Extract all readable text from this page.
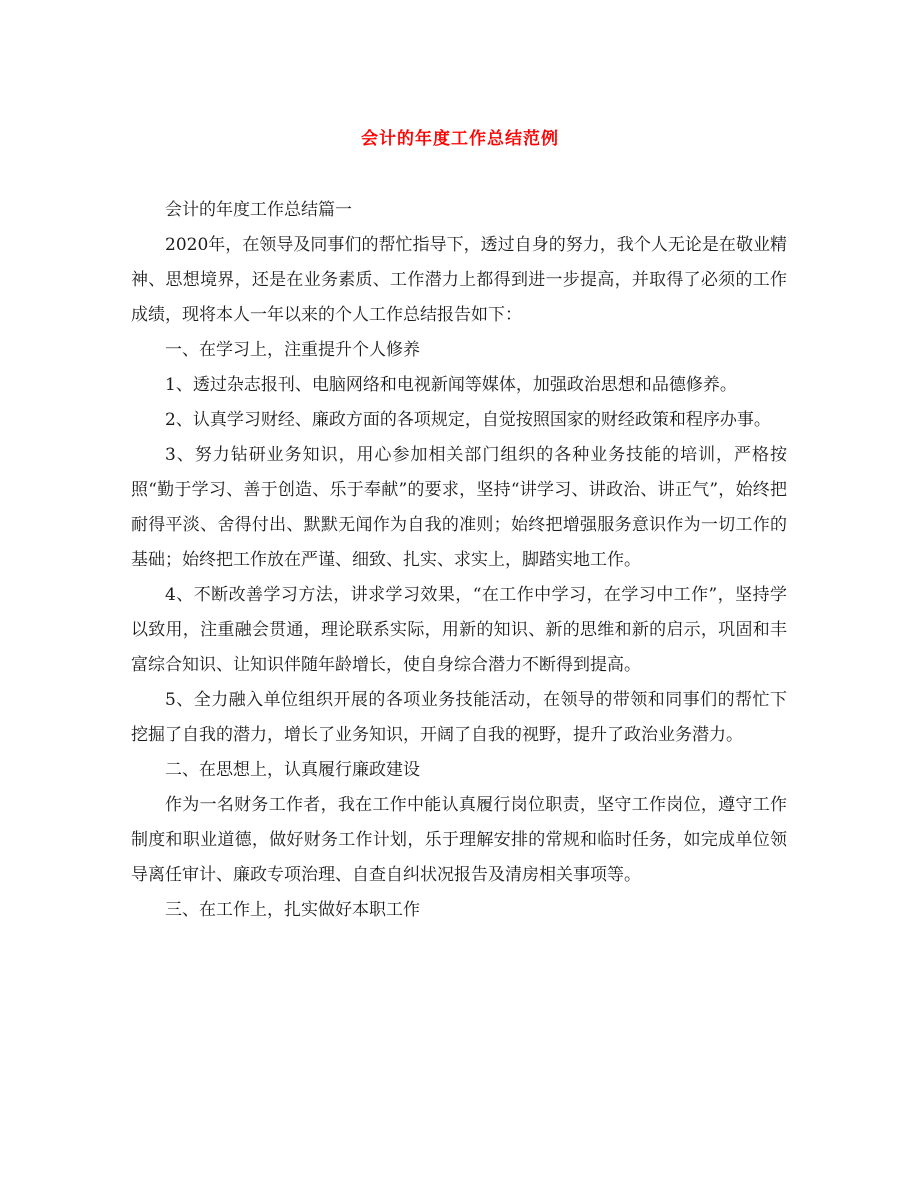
会计的年度工作总结范例

会计的年度工作总结篇一

2020年，在领导及同事们的帮忙指导下，透过自身的努力，我个人无论是在敬业精神、思想境界，还是在业务素质、工作潜力上都得到进一步提高，并取得了必须的工作成绩，现将本人一年以来的个人工作总结报告如下：

一、在学习上，注重提升个人修养

1、透过杂志报刊、电脑网络和电视新闻等媒体，加强政治思想和品德修养。

2、认真学习财经、廉政方面的各项规定，自觉按照国家的财经政策和程序办事。

3、努力钻研业务知识，用心参加相关部门组织的各种业务技能的培训，严格按照“勤于学习、善于创造、乐于奉献”的要求，坚持“讲学习、讲政治、讲正气”，始终把耐得平淡、舍得付出、默默无闻作为自我的准则；始终把增强服务意识作为一切工作的基础；始终把工作放在严谨、细致、扎实、求实上，脚踏实地工作。

4、不断改善学习方法，讲求学习效果，“在工作中学习，在学习中工作”，坚持学以致用，注重融会贯通，理论联系实际，用新的知识、新的思维和新的启示，巩固和丰富综合知识、让知识伴随年龄增长，使自身综合潜力不断得到提高。

5、全力融入单位组织开展的各项业务技能活动，在领导的带领和同事们的帮忙下挖掘了自我的潜力，增长了业务知识，开阔了自我的视野，提升了政治业务潜力。

二、在思想上，认真履行廉政建设

作为一名财务工作者，我在工作中能认真履行岗位职责，坚守工作岗位，遵守工作制度和职业道德，做好财务工作计划，乐于理解安排的常规和临时任务，如完成单位领导离任审计、廉政专项治理、自查自纠状况报告及清房相关事项等。

三、在工作上，扎实做好本职工作
